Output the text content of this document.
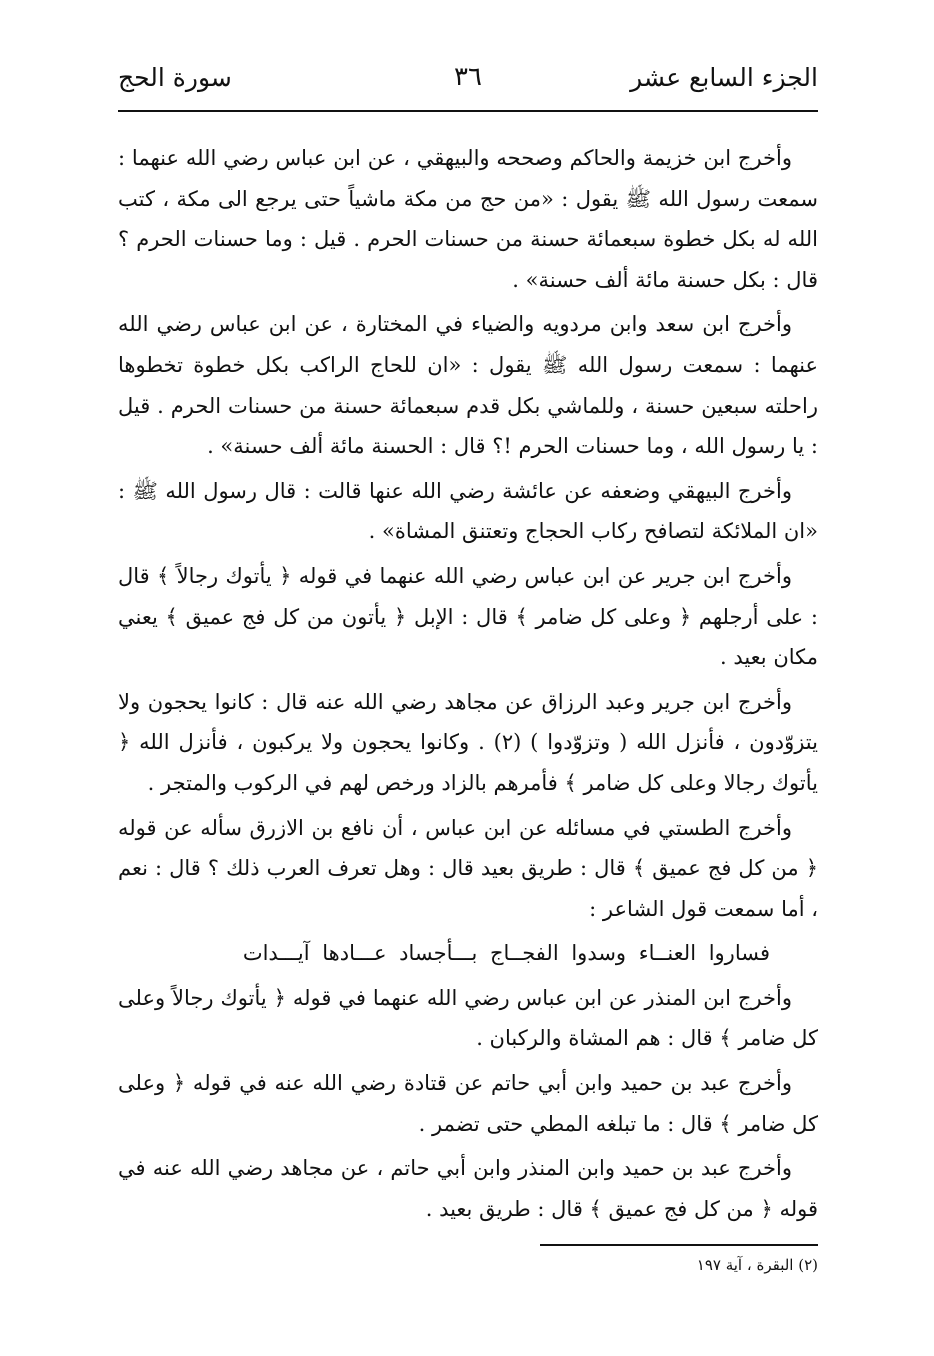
الجزء السابع عشر
٣٦
سورة الحج

وأخرج ابن خزيمة والحاكم وصححه والبيهقي ، عن ابن عباس رضي الله عنهما : سمعت رسول الله ﷺ يقول : «من حج من مكة ماشياً حتى يرجع الى مكة ، كتب الله له بكل خطوة سبعمائة حسنة من حسنات الحرم . قيل : وما حسنات الحرم ؟ قال : بكل حسنة مائة ألف حسنة» .

وأخرج ابن سعد وابن مردويه والضياء في المختارة ، عن ابن عباس رضي الله عنهما : سمعت رسول الله ﷺ يقول : «ان للحاج الراكب بكل خطوة تخطوها راحلته سبعين حسنة ، وللماشي بكل قدم سبعمائة حسنة من حسنات الحرم . قيل : يا رسول الله ، وما حسنات الحرم !؟ قال : الحسنة مائة ألف حسنة» .

وأخرج البيهقي وضعفه عن عائشة رضي الله عنها قالت : قال رسول الله ﷺ : «ان الملائكة لتصافح ركاب الحجاج وتعتنق المشاة» .

وأخرج ابن جرير عن ابن عباس رضي الله عنهما في قوله ﴿ يأتوك رجالاً ﴾ قال : على أرجلهم ﴿ وعلى كل ضامر ﴾ قال : الإبل ﴿ يأتون من كل فج عميق ﴾ يعني مكان بعيد .

وأخرج ابن جرير وعبد الرزاق عن مجاهد رضي الله عنه قال : كانوا يحجون ولا يتزوّدون ، فأنزل الله ( وتزوّدوا ) (٢) . وكانوا يحجون ولا يركبون ، فأنزل الله ﴿ يأتوك رجالا وعلى كل ضامر ﴾ فأمرهم بالزاد ورخص لهم في الركوب والمتجر .

وأخرج الطستي في مسائله عن ابن عباس ، أن نافع بن الازرق سأله عن قوله ﴿ من كل فج عميق ﴾ قال : طريق بعيد قال : وهل تعرف العرب ذلك ؟ قال : نعم ، أما سمعت قول الشاعر :

فساروا العنــاء وسدوا الفجــاج بـــأجساد عـــادها آيـــدات

وأخرج ابن المنذر عن ابن عباس رضي الله عنهما في قوله ﴿ يأتوك رجالاً وعلى كل ضامر ﴾ قال : هم المشاة والركبان .

وأخرج عبد بن حميد وابن أبي حاتم عن قتادة رضي الله عنه في قوله ﴿ وعلى كل ضامر ﴾ قال : ما تبلغه المطي حتى تضمر .

وأخرج عبد بن حميد وابن المنذر وابن أبي حاتم ، عن مجاهد رضي الله عنه في قوله ﴿ من كل فج عميق ﴾ قال : طريق بعيد .

(٢) البقرة ، آية ١٩٧
